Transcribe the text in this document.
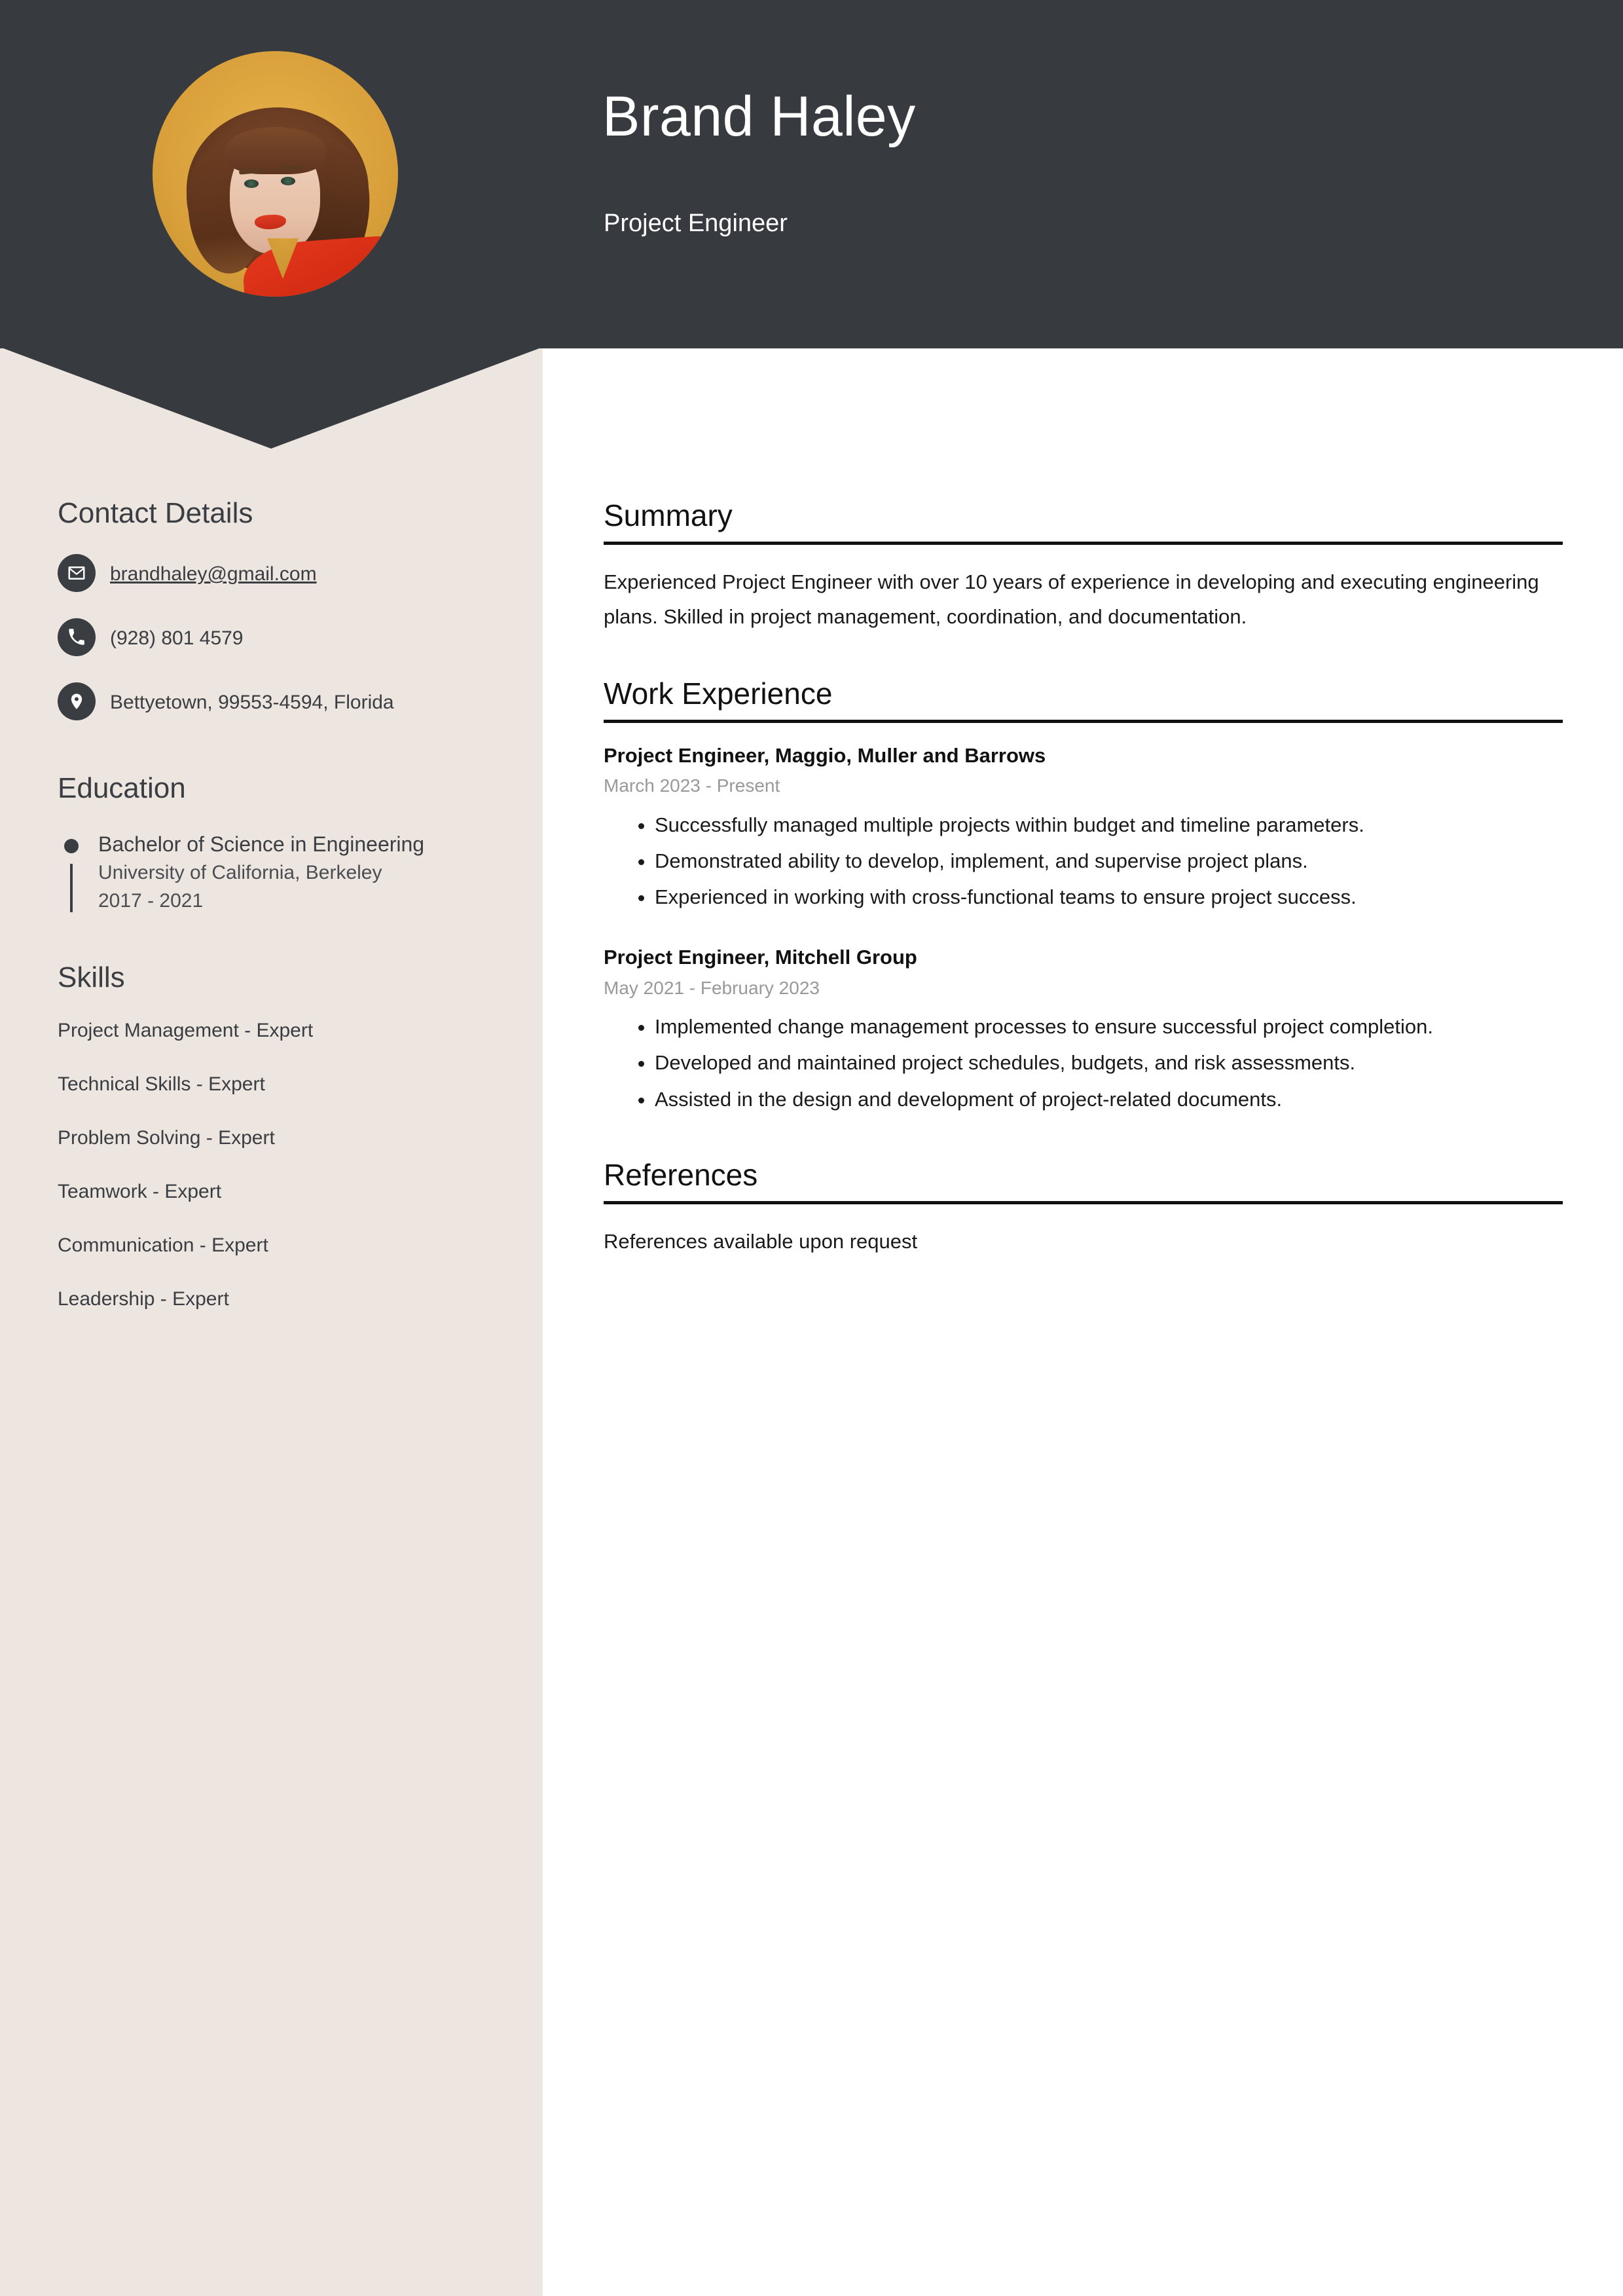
Brand Haley
Project Engineer
Contact Details
brandhaley@gmail.com
(928) 801 4579
Bettyetown, 99553-4594, Florida
Education
Bachelor of Science in Engineering
University of California, Berkeley
2017 - 2021
Skills
Project Management - Expert
Technical Skills - Expert
Problem Solving - Expert
Teamwork - Expert
Communication - Expert
Leadership - Expert
Summary
Experienced Project Engineer with over 10 years of experience in developing and executing engineering plans. Skilled in project management, coordination, and documentation.
Work Experience
Project Engineer, Maggio, Muller and Barrows
March 2023 - Present
• Successfully managed multiple projects within budget and timeline parameters.
• Demonstrated ability to develop, implement, and supervise project plans.
• Experienced in working with cross-functional teams to ensure project success.
Project Engineer, Mitchell Group
May 2021 - February 2023
• Implemented change management processes to ensure successful project completion.
• Developed and maintained project schedules, budgets, and risk assessments.
• Assisted in the design and development of project-related documents.
References
References available upon request
